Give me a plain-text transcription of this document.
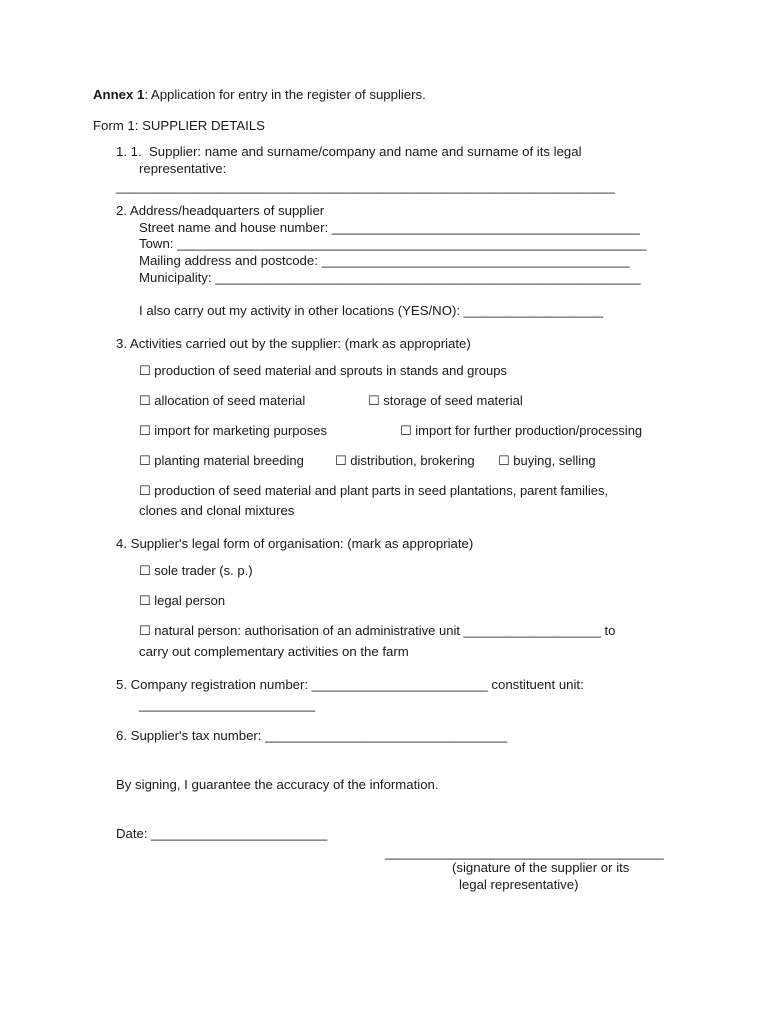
Annex 1: Application for entry in the register of suppliers.
Form 1: SUPPLIER DETAILS
1. 1.  Supplier: name and surname/company and name and surname of its legal
representative:
____________________________________________________________________
2. Address/headquarters of supplier
Street name and house number: __________________________________________
Town: ________________________________________________________________
Mailing address and postcode: __________________________________________
Municipality: __________________________________________________________
I also carry out my activity in other locations (YES/NO): ___________________
3. Activities carried out by the supplier: (mark as appropriate)
☐ production of seed material and sprouts in stands and groups
☐ allocation of seed material	☐ storage of seed material
☐ import for marketing purposes	☐ import for further production/processing
☐ planting material breeding ☐ distribution, brokering ☐ buying, selling
☐ production of seed material and plant parts in seed plantations, parent families,
clones and clonal mixtures
4. Supplier's legal form of organisation: (mark as appropriate)
☐ sole trader (s. p.)
☐ legal person
☐ natural person: authorisation of an administrative unit ___________________ to
carry out complementary activities on the farm
5. Company registration number: ________________________ constituent unit:
________________________
6. Supplier's tax number: _________________________________
By signing, I guarantee the accuracy of the information.
Date: ________________________
______________________________________
(signature of the supplier or its
legal representative)
